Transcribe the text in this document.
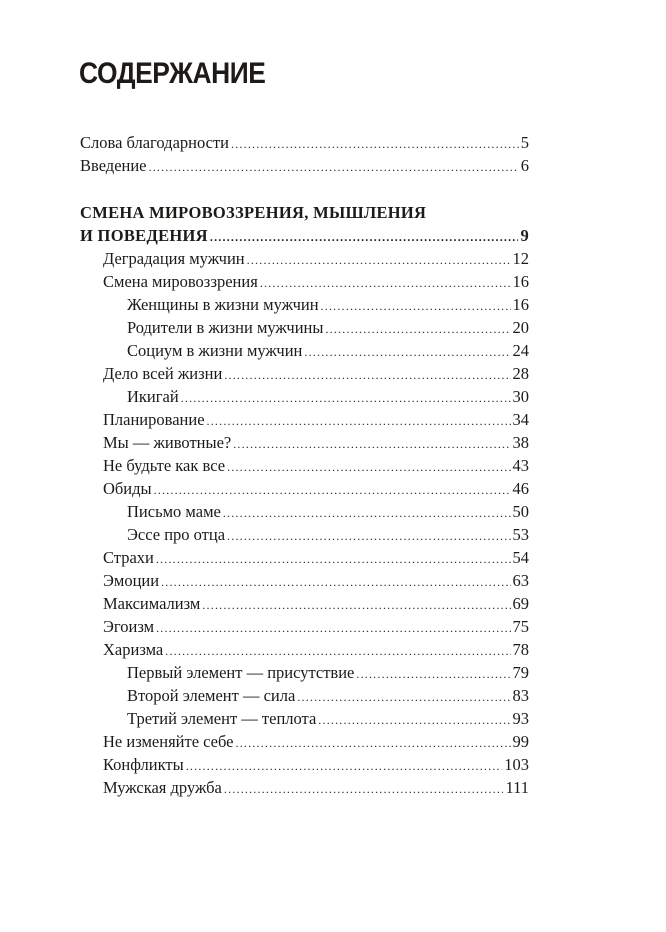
СОДЕРЖАНИЕ
Слова благодарности .....	5
Введение .....	6
СМЕНА МИРОВОЗЗРЕНИЯ, МЫШЛЕНИЯ
И ПОВЕДЕНИЯ .....	9
Деградация мужчин .....	12
Смена мировоззрения .....	16
Женщины в жизни мужчин .....	16
Родители в жизни мужчины .....	20
Социум в жизни мужчин .....	24
Дело всей жизни .....	28
Икигай .....	30
Планирование .....	34
Мы — животные? .....	38
Не будьте как все .....	43
Обиды .....	46
Письмо маме .....	50
Эссе про отца .....	53
Страхи .....	54
Эмоции .....	63
Максимализм .....	69
Эгоизм .....	75
Харизма .....	78
Первый элемент — присутствие .....	79
Второй элемент — сила .....	83
Третий элемент — теплота .....	93
Не изменяйте себе .....	99
Конфликты .....	103
Мужская дружба .....	111
